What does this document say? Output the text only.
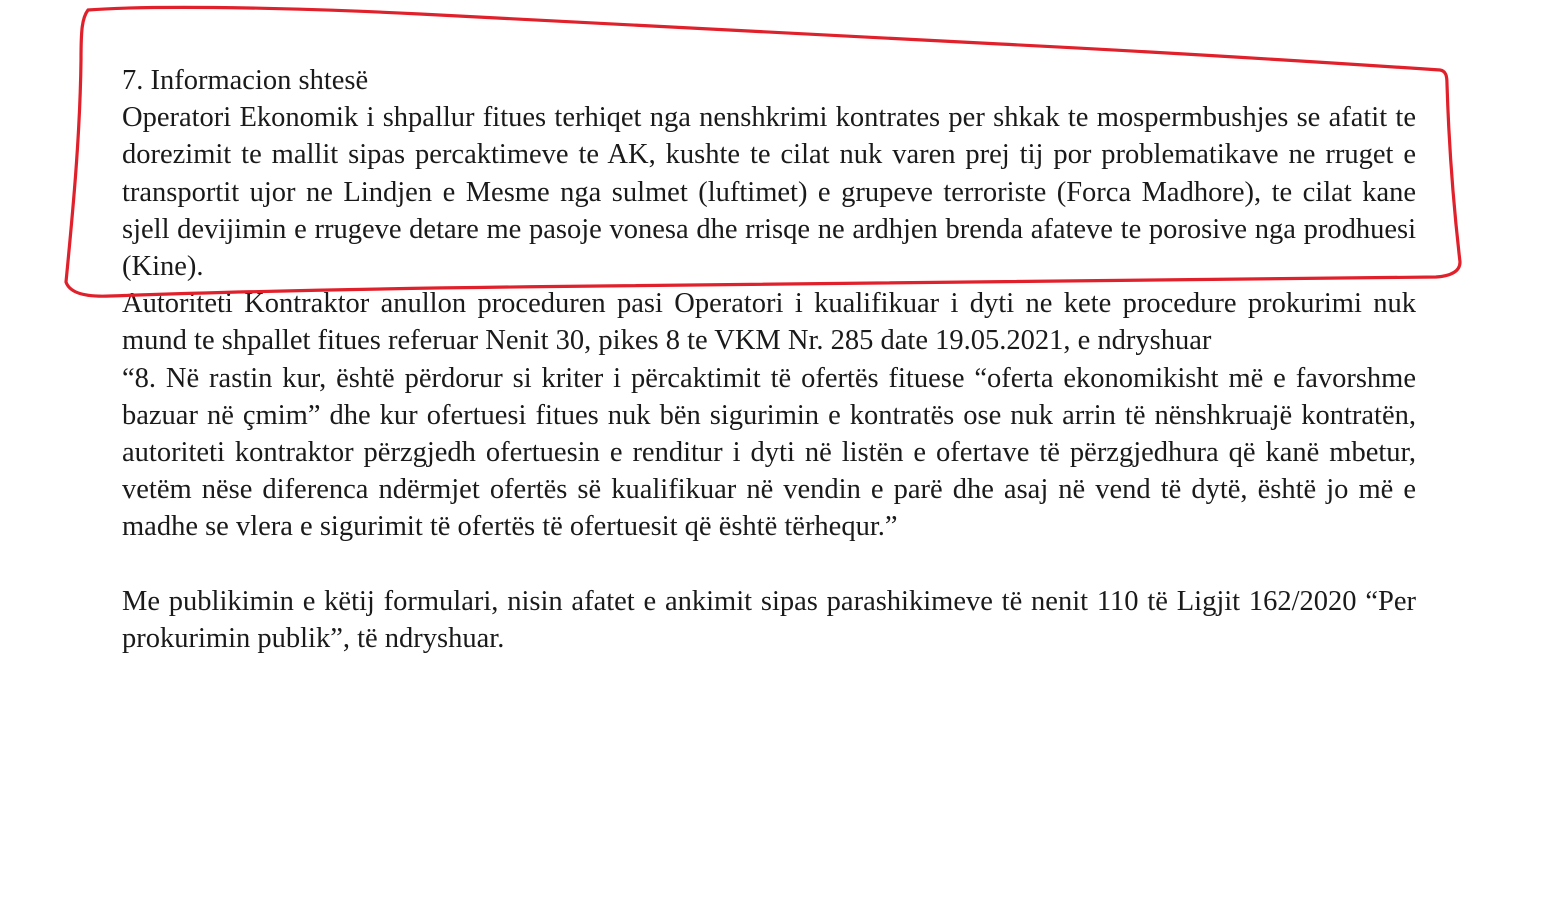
7. Informacion shtesë

Operatori Ekonomik i shpallur fitues terhiqet nga nenshkrimi kontrates per shkak te mospermbushjes se afatit te dorezimit te mallit sipas percaktimeve te AK, kushte te cilat nuk varen prej tij por problematikave ne rruget e transportit ujor ne Lindjen e Mesme nga sulmet (luftimet) e grupeve terroriste (Forca Madhore), te cilat kane sjell devijimin e rrugeve detare me pasoje vonesa dhe rrisqe ne ardhjen brenda afateve te porosive nga prodhuesi (Kine).

Autoriteti Kontraktor anullon proceduren pasi Operatori i kualifikuar i dyti ne kete procedure prokurimi nuk mund te shpallet fitues referuar Nenit 30, pikes 8 te VKM Nr. 285 date 19.05.2021, e ndryshuar

“8. Në rastin kur, është përdorur si kriter i përcaktimit të ofertës fituese “oferta ekonomikisht më e favorshme bazuar në çmim” dhe kur ofertuesi fitues nuk bën sigurimin e kontratës ose nuk arrin të nënshkruajë kontratën, autoriteti kontraktor përzgjedh ofertuesin e renditur i dyti në listën e ofertave të përzgjedhura që kanë mbetur, vetëm nëse diferenca ndërmjet ofertës së kualifikuar në vendin e parë dhe asaj në vend të dytë, është jo më e madhe se vlera e sigurimit të ofertës të ofertuesit që është tërhequr.”

Me publikimin e këtij formulari, nisin afatet e ankimit sipas parashikimeve të nenit 110 të Ligjit 162/2020 “Per prokurimin publik”, të ndryshuar.
